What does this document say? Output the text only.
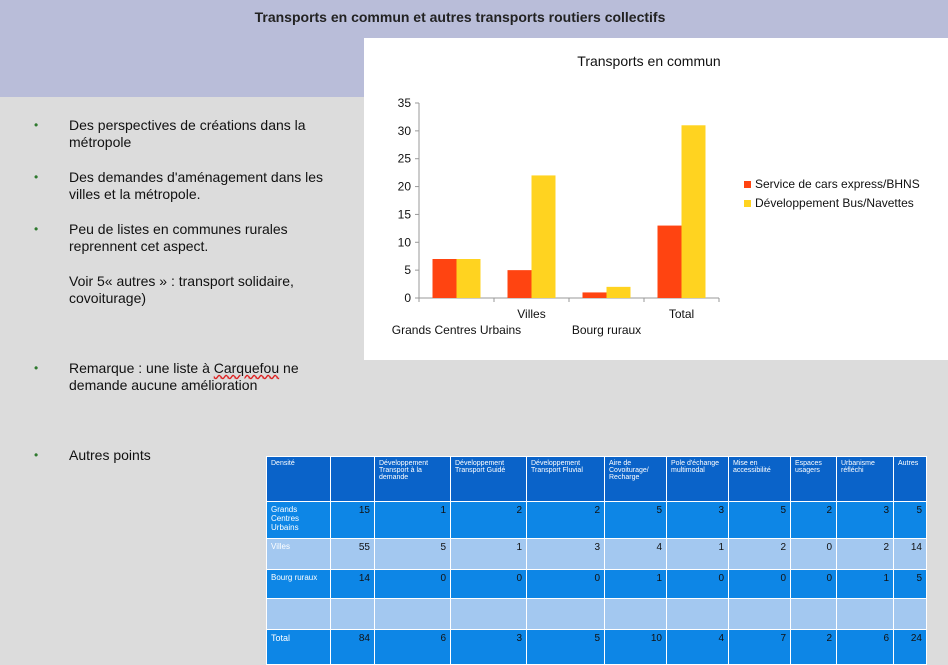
Transports en commun et autres transports routiers collectifs
• Des perspectives de créations dans la métropole
• Des demandes d'aménagement dans les villes et la métropole.
• Peu de listes en communes rurales reprennent cet aspect.
Voir 5« autres » : transport solidaire, covoiturage)
• Remarque : une liste à Carquefou ne demande aucune amélioration
• Autres points
Transports en commun
0
5
10
15
20
25
30
35
Grands Centres Urbains
Villes
Bourg ruraux
Total
Service de cars express/BHNS
Développement Bus/Navettes
Densité		Développement Transport à la demande	Développement Transport Guidé	Développement Transport Fluvial	Aire de Covoiturage/ Recharge	Pole d'échange multimodal	Mise en accessibilité	Espaces usagers	Urbanisme réfléchi	Autres
Grands Centres Urbains	15	1	2	2	5	3	5	2	3	5
Villes	55	5	1	3	4	1	2	0	2	14
Bourg ruraux	14	0	0	0	1	0	0	0	1	5

Total	84	6	3	5	10	4	7	2	6	24
